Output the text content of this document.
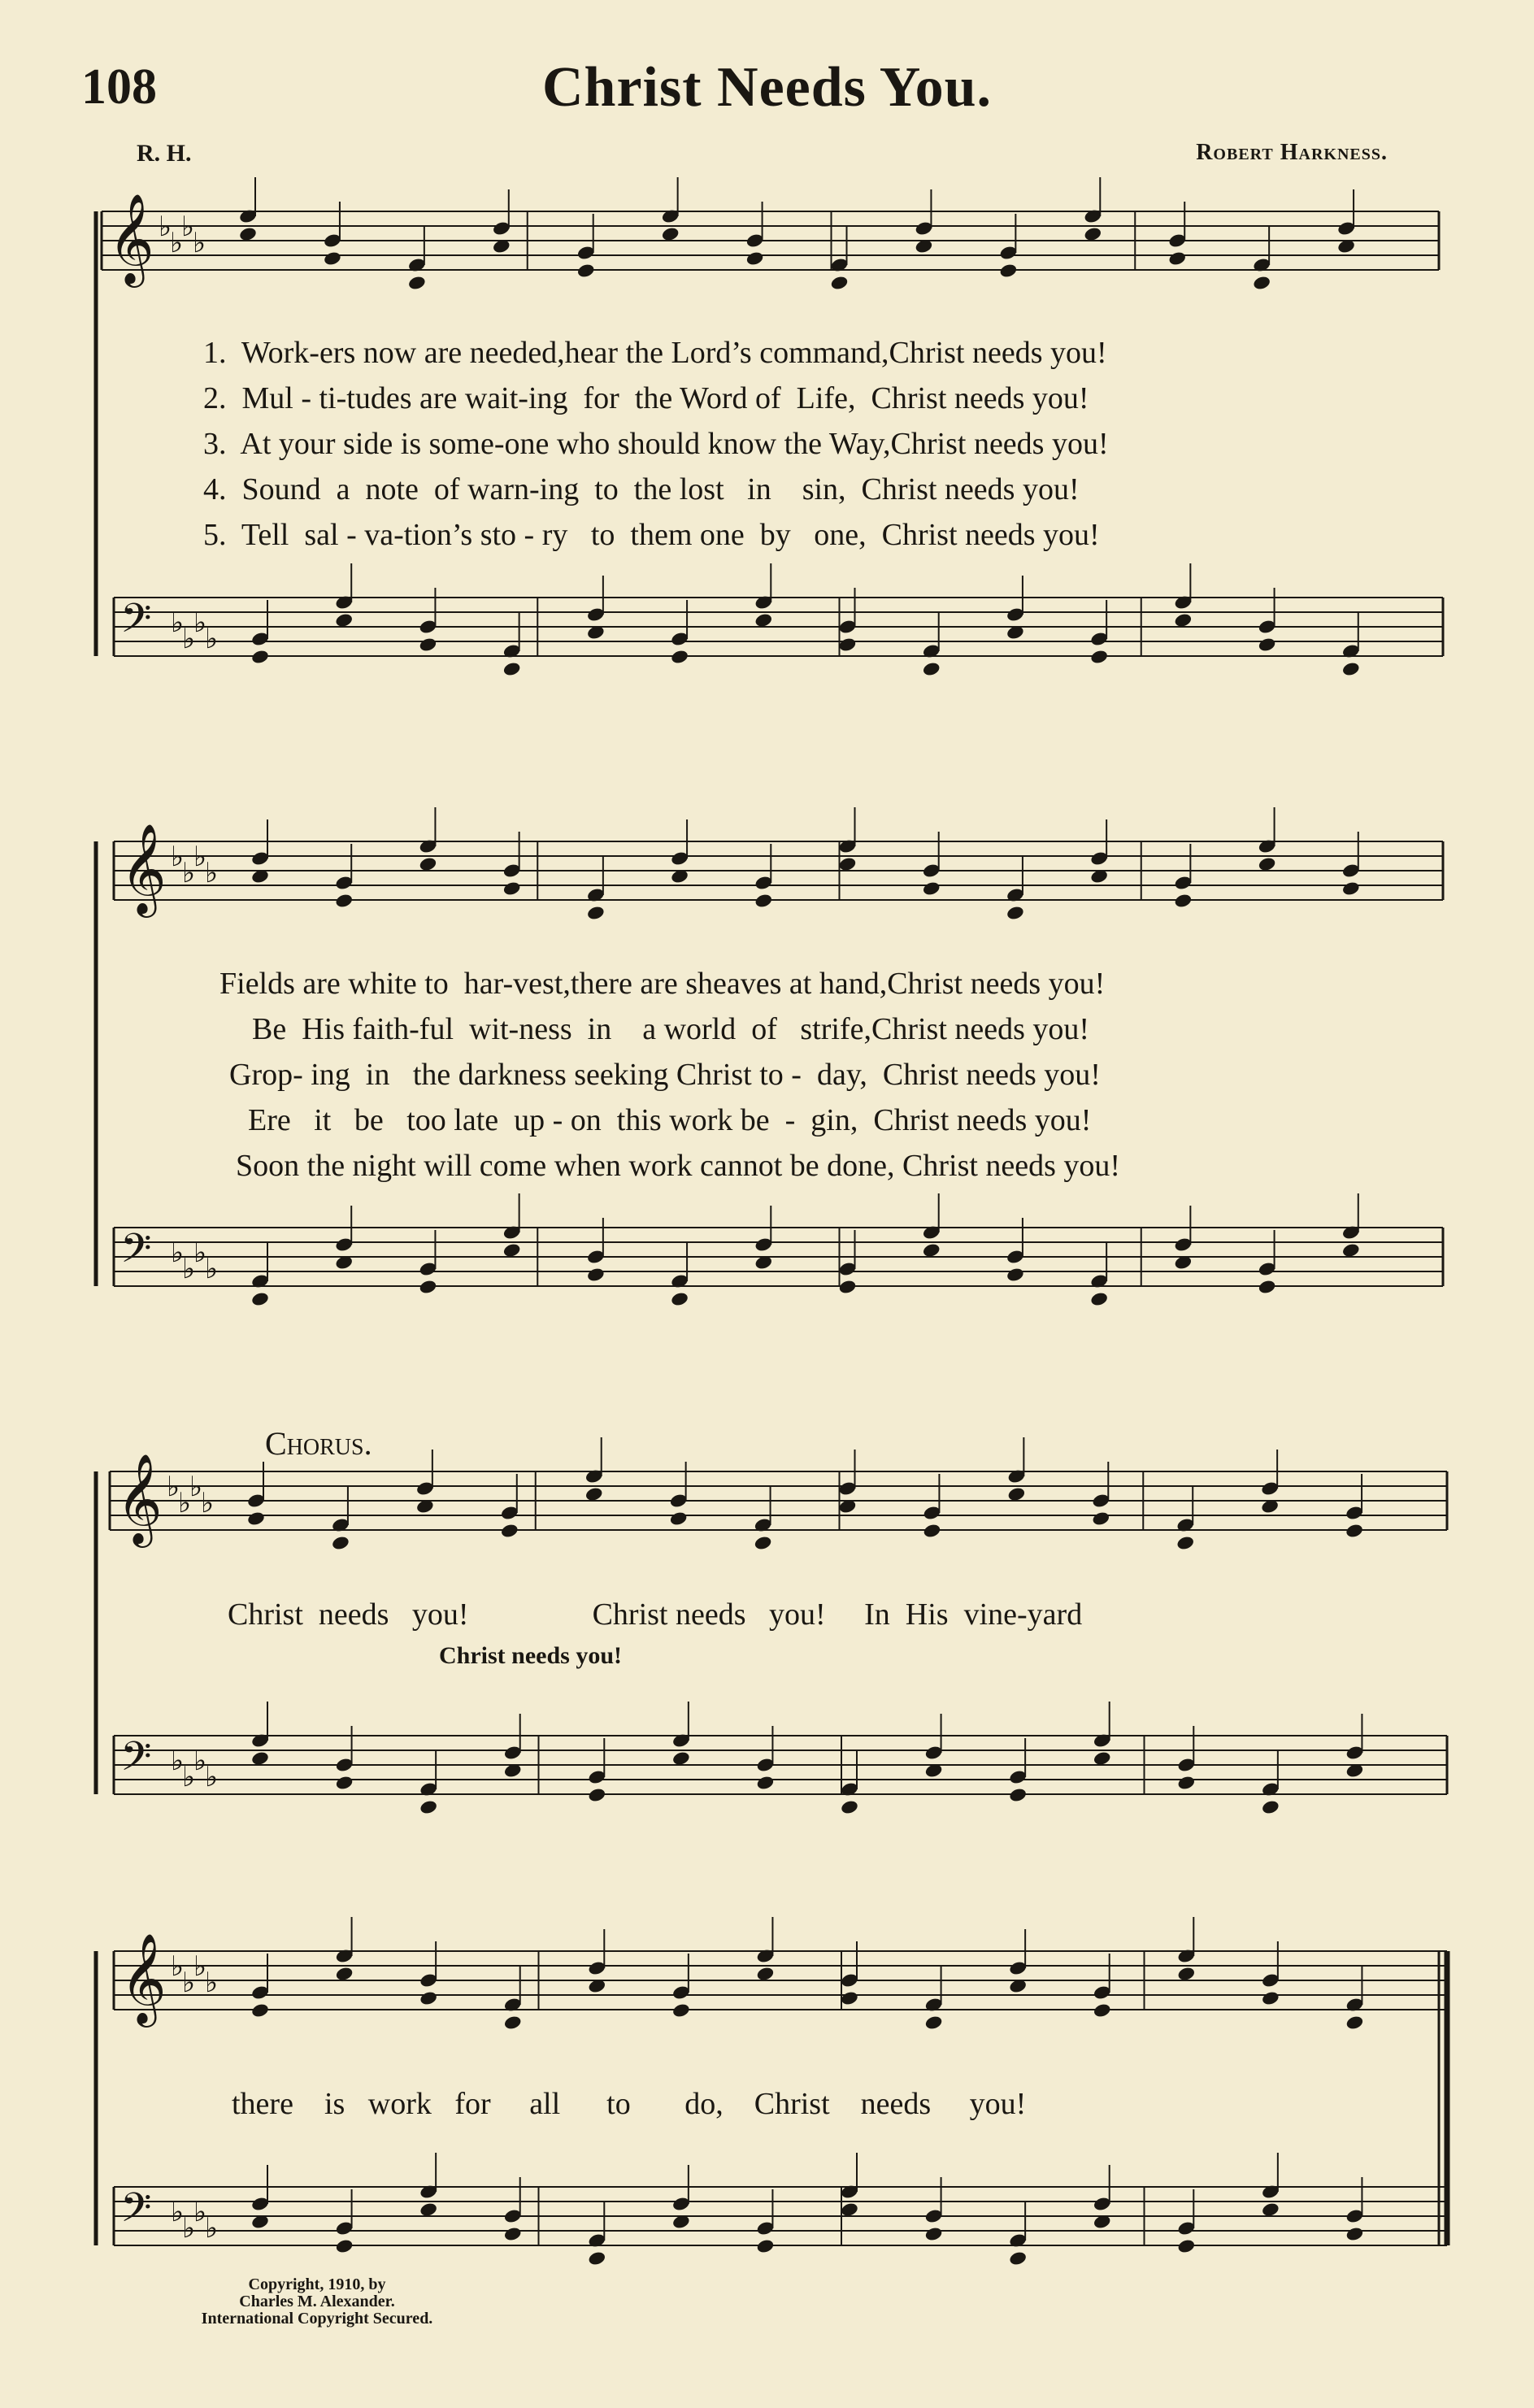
𝄞 ♭
♭
♭
♭
𝄢 ♭
♭
♭
♭
𝄞 ♭
♭
♭
♭
𝄢 ♭
♭
♭
♭
𝄞 ♭
♭
♭
♭
𝄢 ♭
♭
♭
♭
𝄞 ♭
♭
♭
♭
𝄢 ♭
♭
♭
♭
108	Christ Needs You.
R. H.	Robert Harkness.
1.  Work-ers now are needed,hear the Lord’s command,Christ needs you!
2.  Mul - ti-tudes are wait-ing  for  the Word of  Life,  Christ needs you!
3.  At your side is some-one who should know the Way,Christ needs you!
4.  Sound  a  note  of warn-ing  to  the lost   in    sin,  Christ needs you!
5.  Tell  sal - va-tion’s sto - ry   to  them one  by   one,  Christ needs you!
Fields are white to  har-vest,there are sheaves at hand,Christ needs you!
Be  His faith-ful  wit-ness  in    a world  of   strife,Christ needs you!
Grop- ing  in   the darkness seeking Christ to -  day,  Christ needs you!
Ere   it   be   too late  up - on  this work be  -  gin,  Christ needs you!
Soon the night will come when work cannot be done, Christ needs you!
Chorus.
Christ  needs   you!                Christ needs   you!     In  His  vine-yard
Christ needs you!
there    is   work   for     all      to       do,    Christ    needs     you!
Copyright, 1910, by
Charles M. Alexander.
International Copyright Secured.
